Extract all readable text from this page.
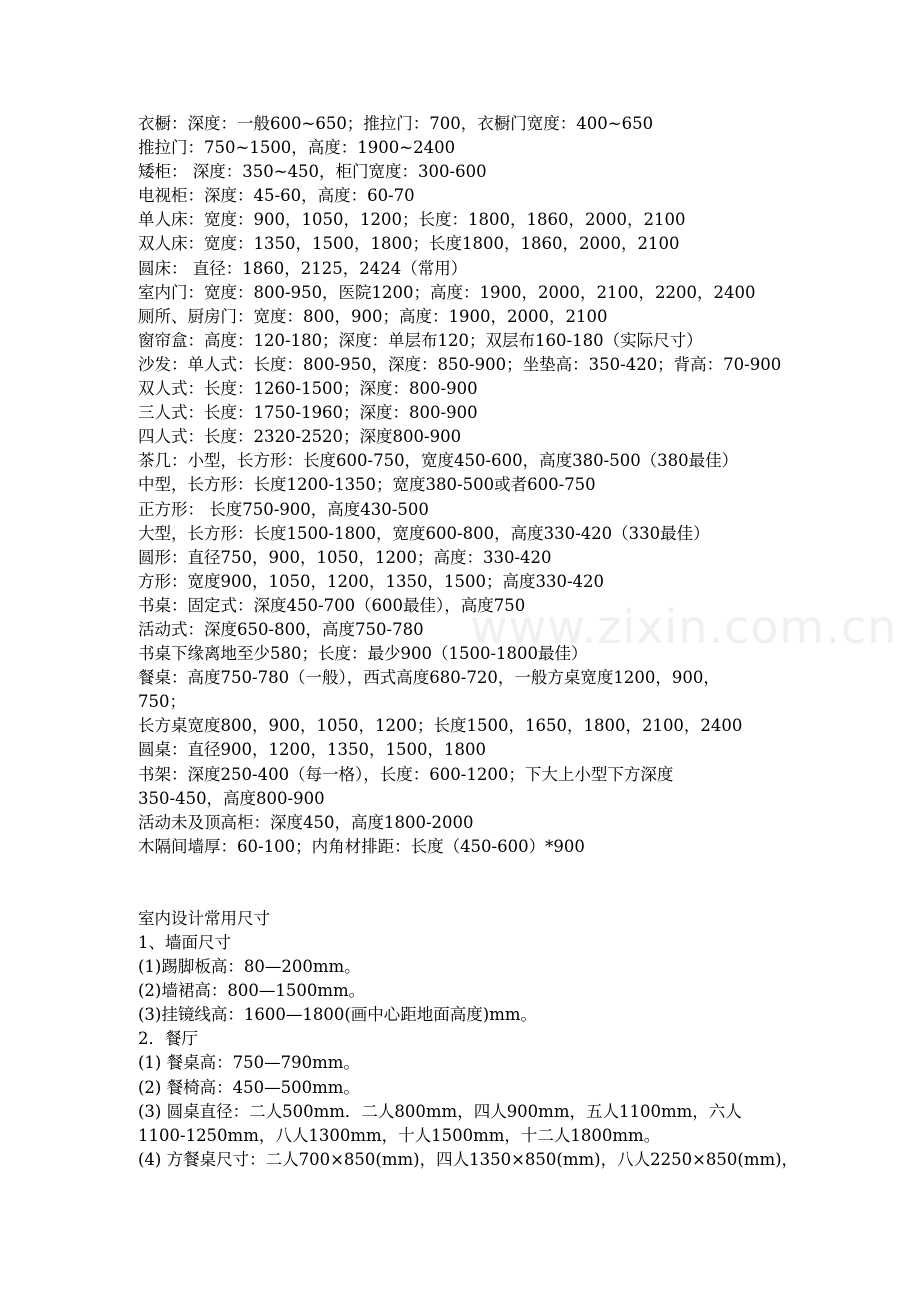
www.zixin.com.cn
衣橱：深度：一般600~650；推拉门：700，衣橱门宽度：400~650
推拉门：750~1500，高度：1900~2400
矮柜： 深度：350~450，柜门宽度：300-600
电视柜：深度：45-60，高度：60-70
单人床：宽度：900，1050，1200；长度：1800，1860，2000，2100
双人床：宽度：1350，1500，1800；长度1800，1860，2000，2100
圆床： 直径：1860，2125，2424（常用）
室内门：宽度：800-950，医院1200；高度：1900，2000，2100，2200，2400
厕所、厨房门：宽度：800，900；高度：1900，2000，2100
窗帘盒：高度：120-180；深度：单层布120；双层布160-180（实际尺寸）
沙发：单人式：长度：800-950，深度：850-900；坐垫高：350-420；背高：70-900
双人式：长度：1260-1500；深度：800-900
三人式：长度：1750-1960；深度：800-900
四人式：长度：2320-2520；深度800-900
茶几：小型，长方形：长度600-750，宽度450-600，高度380-500（380最佳）
中型，长方形：长度1200-1350；宽度380-500或者600-750
正方形： 长度750-900，高度430-500
大型，长方形：长度1500-1800，宽度600-800，高度330-420（330最佳）
圆形：直径750，900，1050，1200；高度：330-420
方形：宽度900，1050，1200，1350，1500；高度330-420
书桌：固定式：深度450-700（600最佳），高度750
活动式：深度650-800，高度750-780
书桌下缘离地至少580；长度：最少900（1500-1800最佳）
餐桌：高度750-780（一般），西式高度680-720，一般方桌宽度1200，900，
750；
长方桌宽度800，900，1050，1200；长度1500，1650，1800，2100，2400
圆桌：直径900，1200，1350，1500，1800
书架：深度250-400（每一格），长度：600-1200；下大上小型下方深度
350-450，高度800-900
活动未及顶高柜：深度450，高度1800-2000
木隔间墙厚：60-100；内角材排距：长度（450-600）*900
室内设计常用尺寸
1、墙面尺寸
(1)踢脚板高：80—200mm。
(2)墙裙高：800—1500mm。
(3)挂镜线高：1600—1800(画中心距地面高度)mm。
2．餐厅
(1) 餐桌高：750—790mm。
(2) 餐椅高：450—500mm。
(3) 圆桌直径：二人500mm．二人800mm，四人900mm，五人1100mm，六人
1100-1250mm，八人1300mm，十人1500mm，十二人1800mm。
(4) 方餐桌尺寸：二人700×850(mm)，四人1350×850(mm)，八人2250×850(mm)，
